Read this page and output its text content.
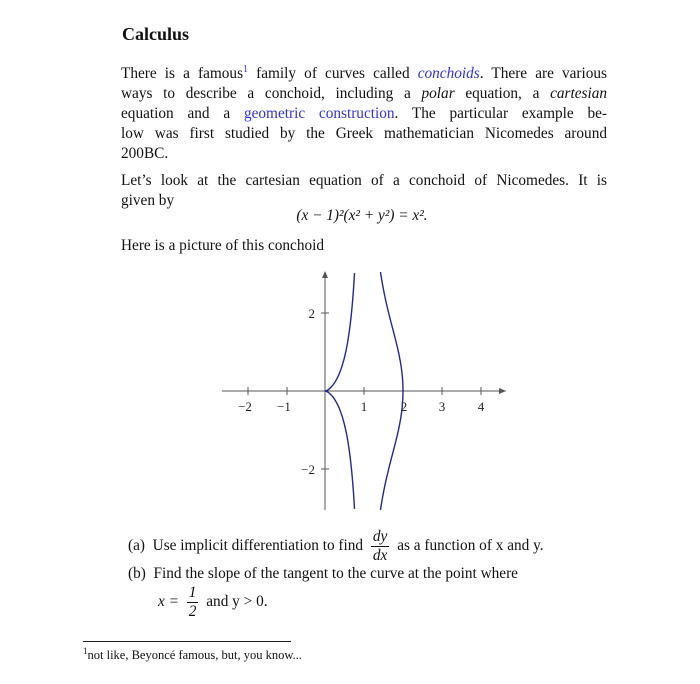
Calculus
There is a famous$^1$ family of curves called conchoids. There are various
ways to describe a conchoid, including a polar equation, a cartesian
equation and a geometric construction. The particular example be-
low was first studied by the Greek mathematician Nicomedes around
200BC.
Let’s look at the cartesian equation of a conchoid of Nicomedes. It is
given by
(x − 1)²(x² + y²) = x².
Here is a picture of this conchoid
−2 −1	1	2 3	4
2
−2
(a) Use implicit differentiation to find $\frac{dy}{dx}$ as a function of x and y.
(b) Find the slope of the tangent to the curve at the point where
$x = \frac{1}{2}$ and y > 0.
$^1$not like, Beyoncé famous, but, you know...
